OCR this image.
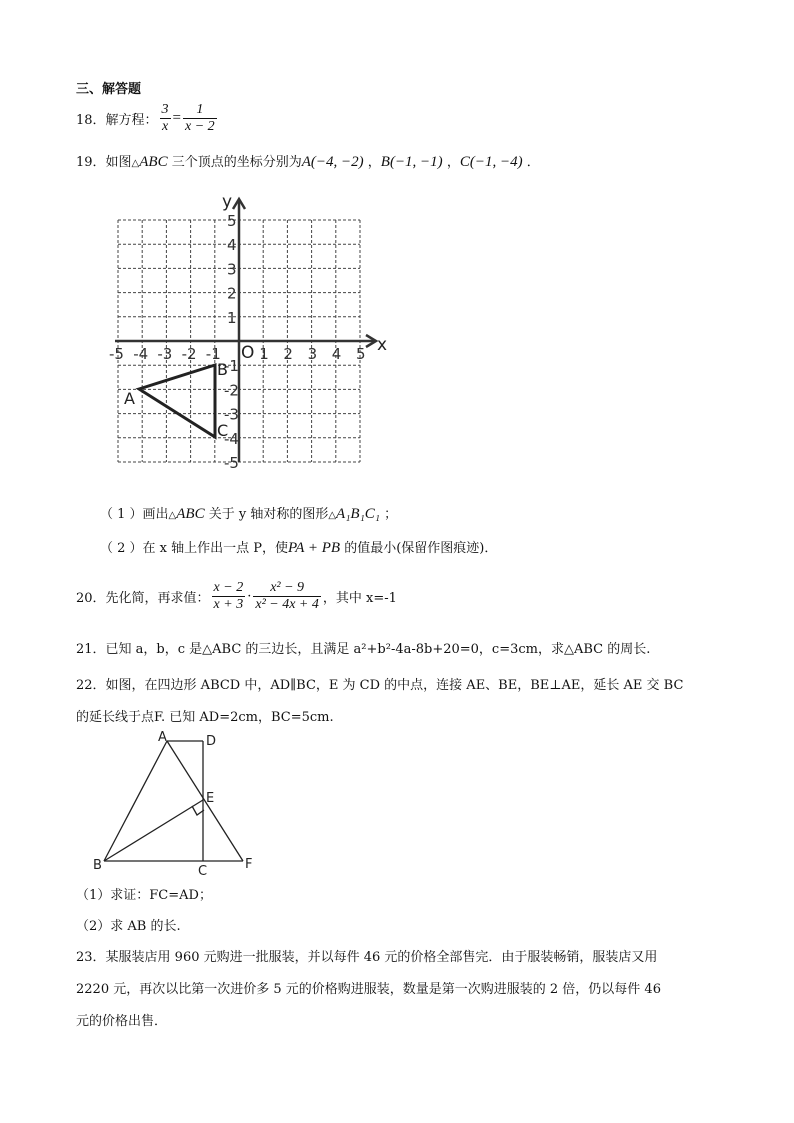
三、解答题
18．解方程： $\frac{3}{x} = \frac{1}{x - 2}$
19．如图△ABC 三个顶点的坐标分别为A(−4, −2) ，B(−1, −1) ，C(−1, −4) ．
x
y
O
-5 -4 -3 -2 -1	1 2 3 4 5
5
4
3
2
1
-1
-2
-3
-4
-5
A
B
C
（ 1 ）画出△ABC 关于 y 轴对称的图形△A₁B₁C₁ ；
（ 2 ）在 x 轴上作出一点 P，使PA + PB 的值最小(保留作图痕迹)．
20．先化简，再求值： $\frac{x - 2}{x + 3} \cdot \frac{\text{x² − 9}}{\text{x² − 4x + 4}}$ ，其中 x=-1
21．已知 a，b，c 是△ABC 的三边长，且满足 a²+b²-4a-8b+20=0，c=3cm，求△ABC 的周长.
22．如图，在四边形 ABCD 中，AD∥BC，E 为 CD 的中点，连接 AE、BE，BE⊥AE，延长 AE 交 BC
的延长线于点F. 已知 AD=2cm，BC=5cm.
A	D
E
B	C	F
（1）求证：FC=AD；
（2）求 AB 的长.
23．某服装店用 960 元购进一批服装，并以每件 46 元的价格全部售完．由于服装畅销，服装店又用
2220 元，再次以比第一次进价多 5 元的价格购进服装，数量是第一次购进服装的 2 倍，仍以每件 46
元的价格出售．
